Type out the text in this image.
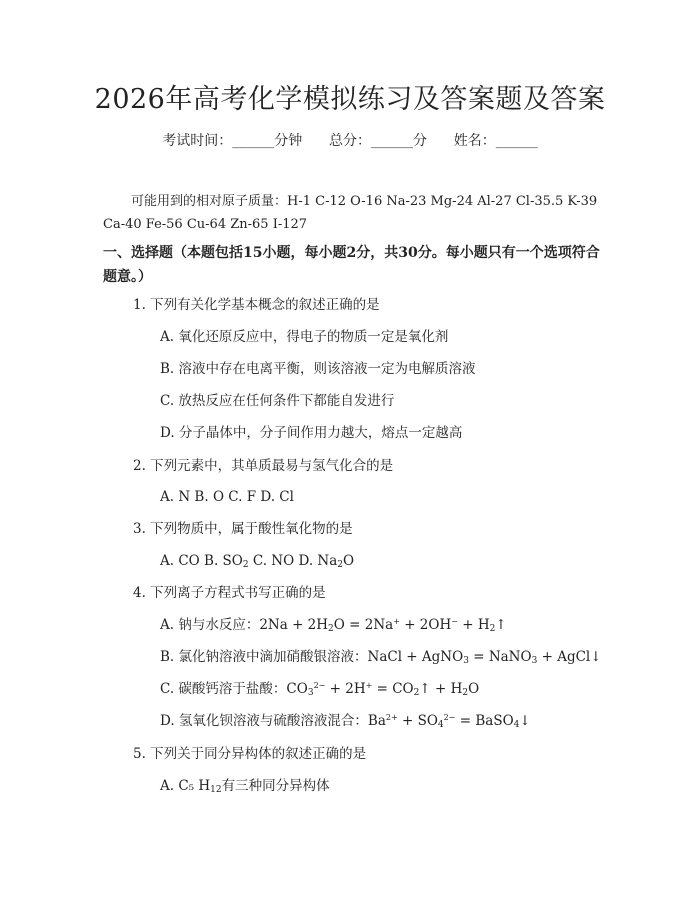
2026年高考化学模拟练习及答案题及答案
考试时间：______分钟      总分：______分      姓名：______
可能用到的相对原子质量：H-1 C-12 O-16 Na-23 Mg-24 Al-27 Cl-35.5 K-39 Ca-40 Fe-56 Cu-64 Zn-65 I-127
一、选择题（本题包括15小题，每小题2分，共30分。每小题只有一个选项符合题意。）
1. 下列有关化学基本概念的叙述正确的是
A. 氧化还原反应中，得电子的物质一定是氧化剂
B. 溶液中存在电离平衡，则该溶液一定为电解质溶液
C. 放热反应在任何条件下都能自发进行
D. 分子晶体中，分子间作用力越大，熔点一定越高
2. 下列元素中，其单质最易与氢气化合的是
A. N B. O C. F D. Cl
3. 下列物质中，属于酸性氧化物的是
A. CO B. $SO_2$ C. NO D. $Na_2O$
4. 下列离子方程式书写正确的是
A. 钠与水反应：$2Na + 2H_2O = 2Na^+ + 2OH^-$ + $H_2↑$
B. 氯化钠溶液中滴加硝酸银溶液：NaCl + AgNO$_3$ = NaNO$_3$ + AgCl↓
C. 碳酸钙溶于盐酸：$CO_3^{2-} + 2H^+$ = $CO_2↑ + H_2O$
D. 氢氧化钡溶液与硫酸溶液混合：$Ba^{2+} + SO_4^{2-}$ = BaSO$_4$↓
5. 下列关于同分异构体的叙述正确的是
A. C₅ $H_{12}$有三种同分异构体
